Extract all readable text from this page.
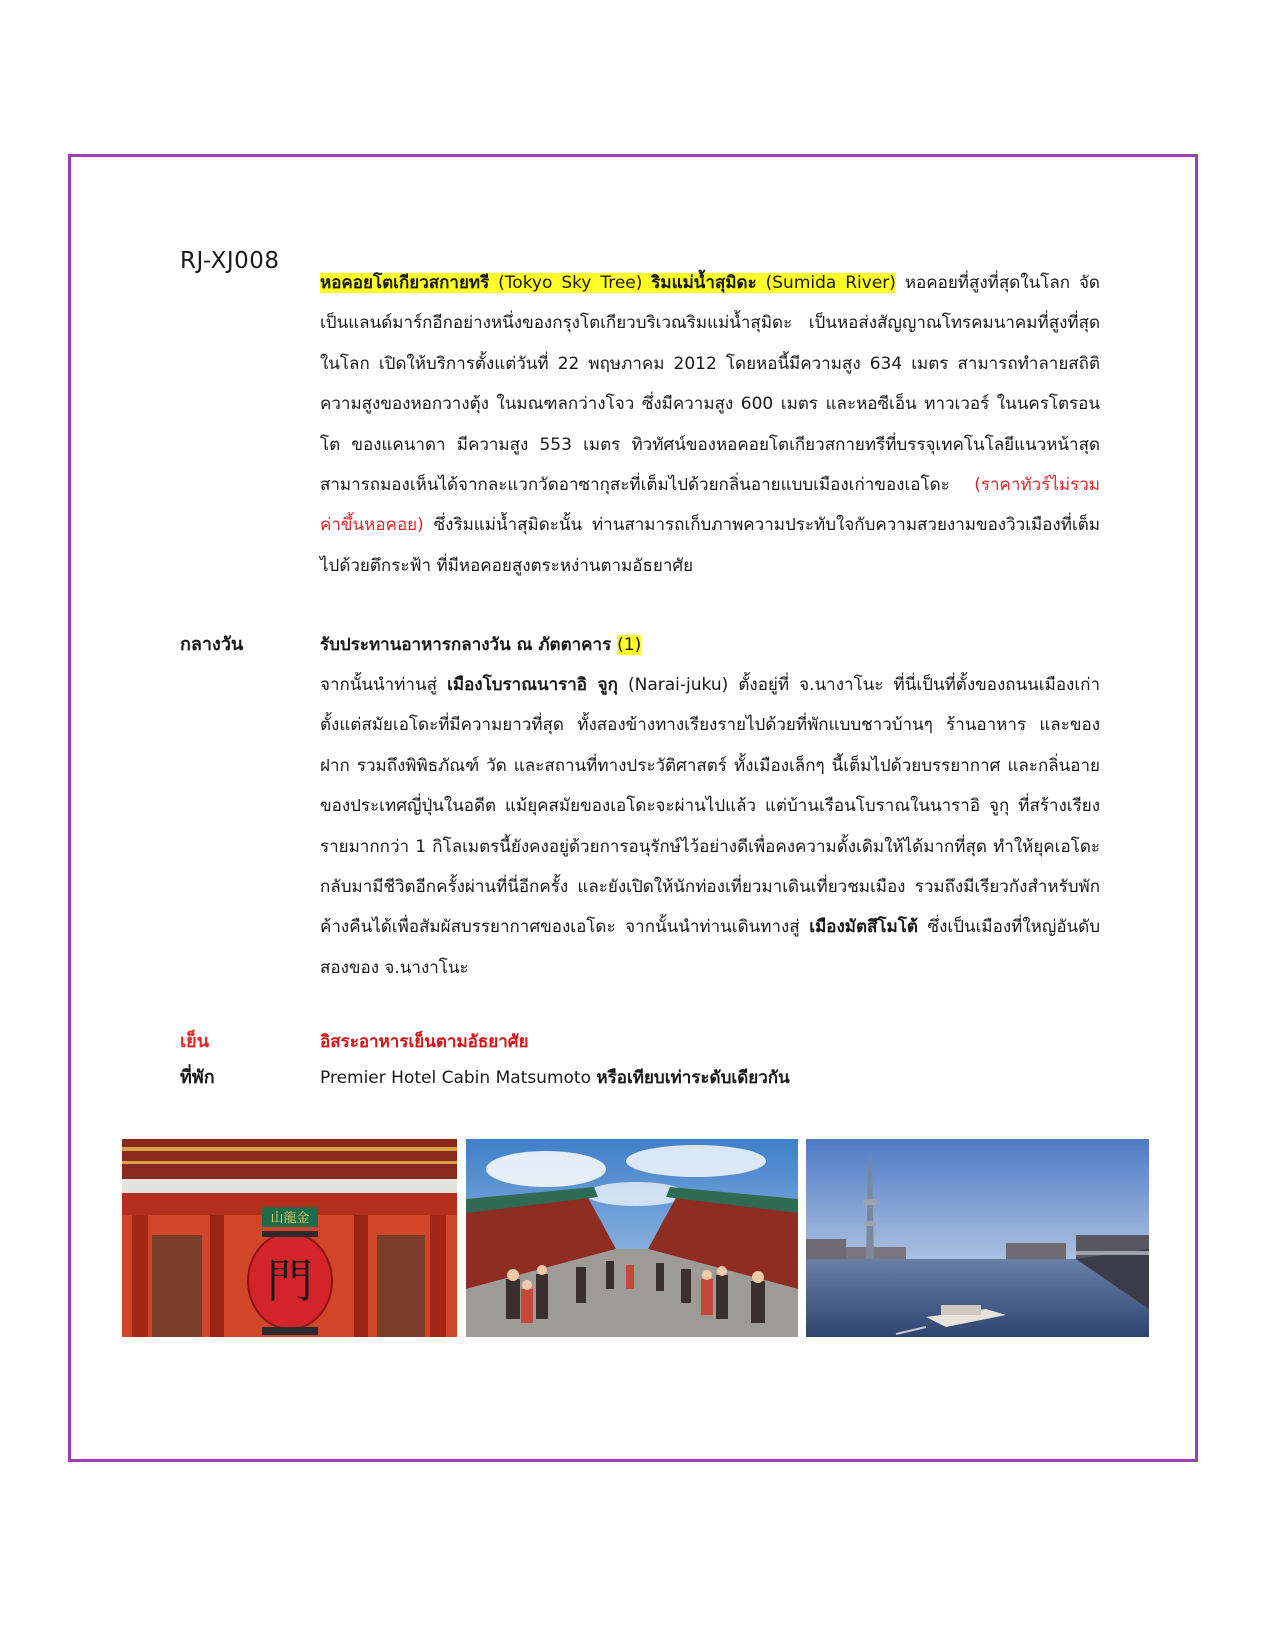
RJ-XJ008
หอคอยโตเกียวสกายทรี (Tokyo Sky Tree) ริมแม่น้ำสุมิดะ (Sumida River) หอคอยที่สูงที่สุดในโลก จัดเป็นแลนด์มาร์กอีกอย่างหนึ่งของกรุงโตเกียวบริเวณริมแม่น้ำสุมิดะ เป็นหอส่งสัญญาณโทรคมนาคมที่สูงที่สุดในโลก เปิดให้บริการตั้งแต่วันที่ 22 พฤษภาคม 2012 โดยหอนี้มีความสูง 634 เมตร สามารถทำลายสถิติความสูงของหอกวางตุ้ง ในมณฑลกว่างโจว ซึ่งมีความสูง 600 เมตร และหอซีเอ็น ทาวเวอร์ ในนครโตรอนโต ของแคนาดา มีความสูง 553 เมตร ทิวทัศน์ของหอคอยโตเกียวสกายทรีที่บรรจุเทคโนโลยีแนวหน้าสุด สามารถมองเห็นได้จากละแวกวัดอาซากุสะที่เต็มไปด้วยกลิ่นอายแบบเมืองเก่าของเอโดะ (ราคาทัวร์ไม่รวมค่าขึ้นหอคอย) ซึ่งริมแม่น้ำสุมิดะนั้น ท่านสามารถเก็บภาพความประทับใจกับความสวยงามของวิวเมืองที่เต็มไปด้วยตึกระฟ้า ที่มีหอคอยสูงตระหง่านตามอัธยาศัย
กลางวัน	รับประทานอาหารกลางวัน ณ ภัตตาคาร (1)
จากนั้นนำท่านสู่ เมืองโบราณนาราอิ จูกุ (Narai-juku) ตั้งอยู่ที่ จ.นางาโนะ ที่นี่เป็นที่ตั้งของถนนเมืองเก่าตั้งแต่สมัยเอโดะที่มีความยาวที่สุด ทั้งสองข้างทางเรียงรายไปด้วยที่พักแบบชาวบ้านๆ ร้านอาหาร และของฝาก รวมถึงพิพิธภัณฑ์ วัด และสถานที่ทางประวัติศาสตร์ ทั้งเมืองเล็กๆ นี้เต็มไปด้วยบรรยากาศ และกลิ่นอายของประเทศญี่ปุ่นในอดีต แม้ยุคสมัยของเอโดะจะผ่านไปแล้ว แต่บ้านเรือนโบราณในนาราอิ จูกุ ที่สร้างเรียงรายมากกว่า 1 กิโลเมตรนี้ยังคงอยู่ด้วยการอนุรักษ์ไว้อย่างดีเพื่อคงความดั้งเดิมให้ได้มากที่สุด ทำให้ยุคเอโดะกลับมามีชีวิตอีกครั้งผ่านที่นี่อีกครั้ง และยังเปิดให้นักท่องเที่ยวมาเดินเที่ยวชมเมือง รวมถึงมีเรียวกังสำหรับพักค้างคืนได้เพื่อสัมผัสบรรยากาศของเอโดะ จากนั้นนำท่านเดินทางสู่ เมืองมัตสึโมโต้ ซึ่งเป็นเมืองที่ใหญ่อันดับสองของ จ.นางาโนะ
เย็น	อิสระอาหารเย็นตามอัธยาศัย
ที่พัก	Premier Hotel Cabin Matsumoto หรือเทียบเท่าระดับเดียวกัน
山龍金
門
